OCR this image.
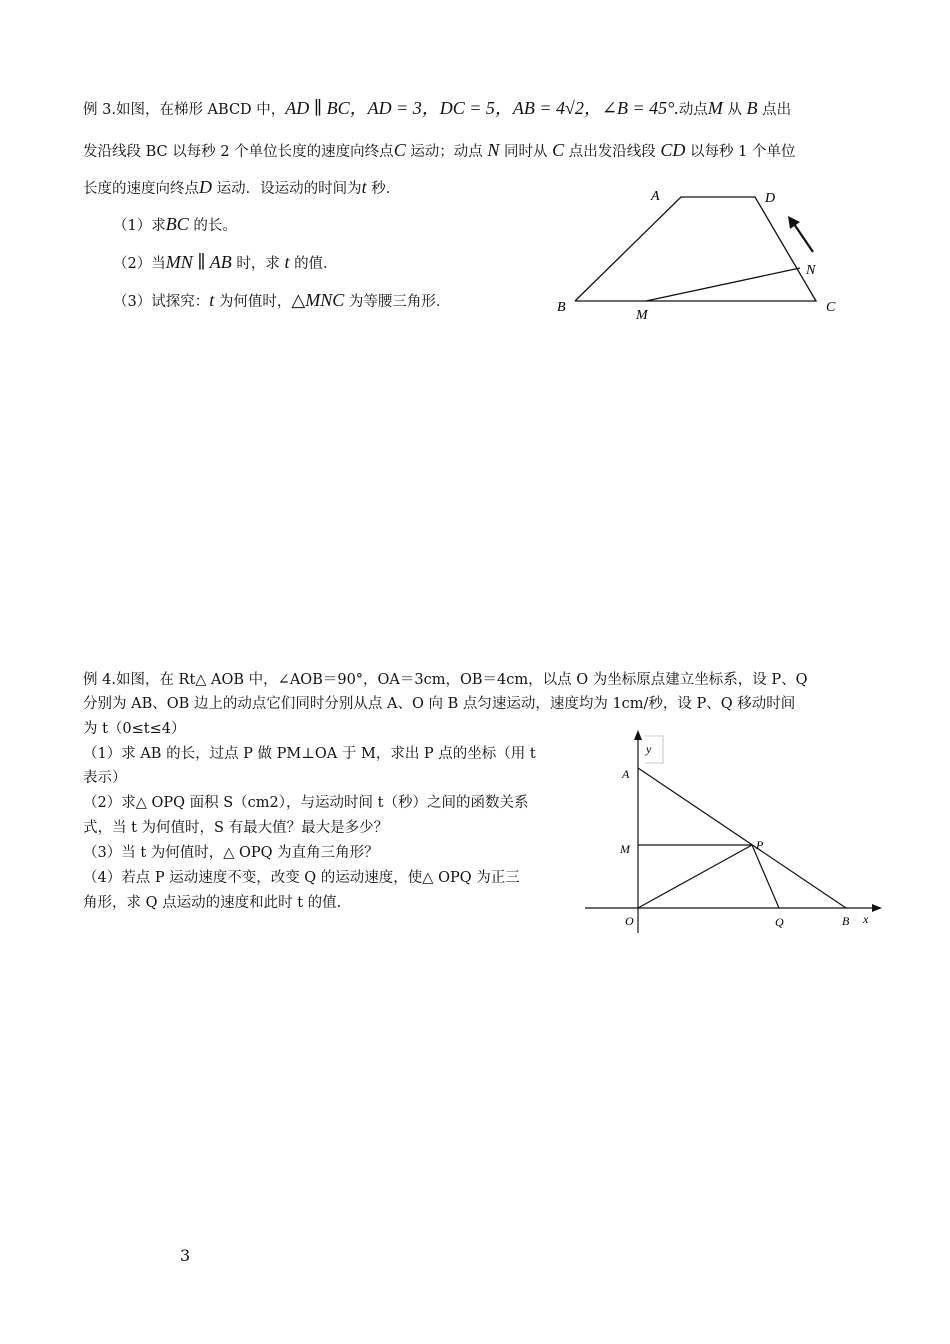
例 3.如图，在梯形 ABCD 中，AD ∥ BC，AD = 3，DC = 5，AB = 4√2，∠B = 45°.动点M 从 B 点出
发沿线段 BC 以每秒 2 个单位长度的速度向终点C 运动；动点 N 同时从 C 点出发沿线段 CD 以每秒 1 个单位
长度的速度向终点D 运动．设运动的时间为t 秒．
（1）求BC 的长。
（2）当MN ∥ AB 时，求 t 的值．
（3）试探究：t 为何值时，△MNC 为等腰三角形．
A	D
N
B
M
C
例 4.如图，在 Rt△ AOB 中，∠AOB＝90°，OA＝3cm，OB＝4cm，以点 O 为坐标原点建立坐标系，设 P、Q
分别为 AB、OB 边上的动点它们同时分别从点 A、O 向 B 点匀速运动，速度均为 1cm/秒，设 P、Q 移动时间
为 t（0≤t≤4）
（1）求 AB 的长，过点 P 做 PM⊥OA 于 M，求出 P 点的坐标（用 t
表示）
（2）求△ OPQ 面积 S（cm2），与运动时间 t（秒）之间的函数关系
式，当 t 为何值时，S 有最大值？最大是多少？
（3）当 t 为何值时，△ OPQ 为直角三角形？
（4）若点 P 运动速度不变，改变 Q 的运动速度，使△ OPQ 为正三
角形，求 Q 点运动的速度和此时 t 的值.
y
x
A
M	P
O	Q	B
3
